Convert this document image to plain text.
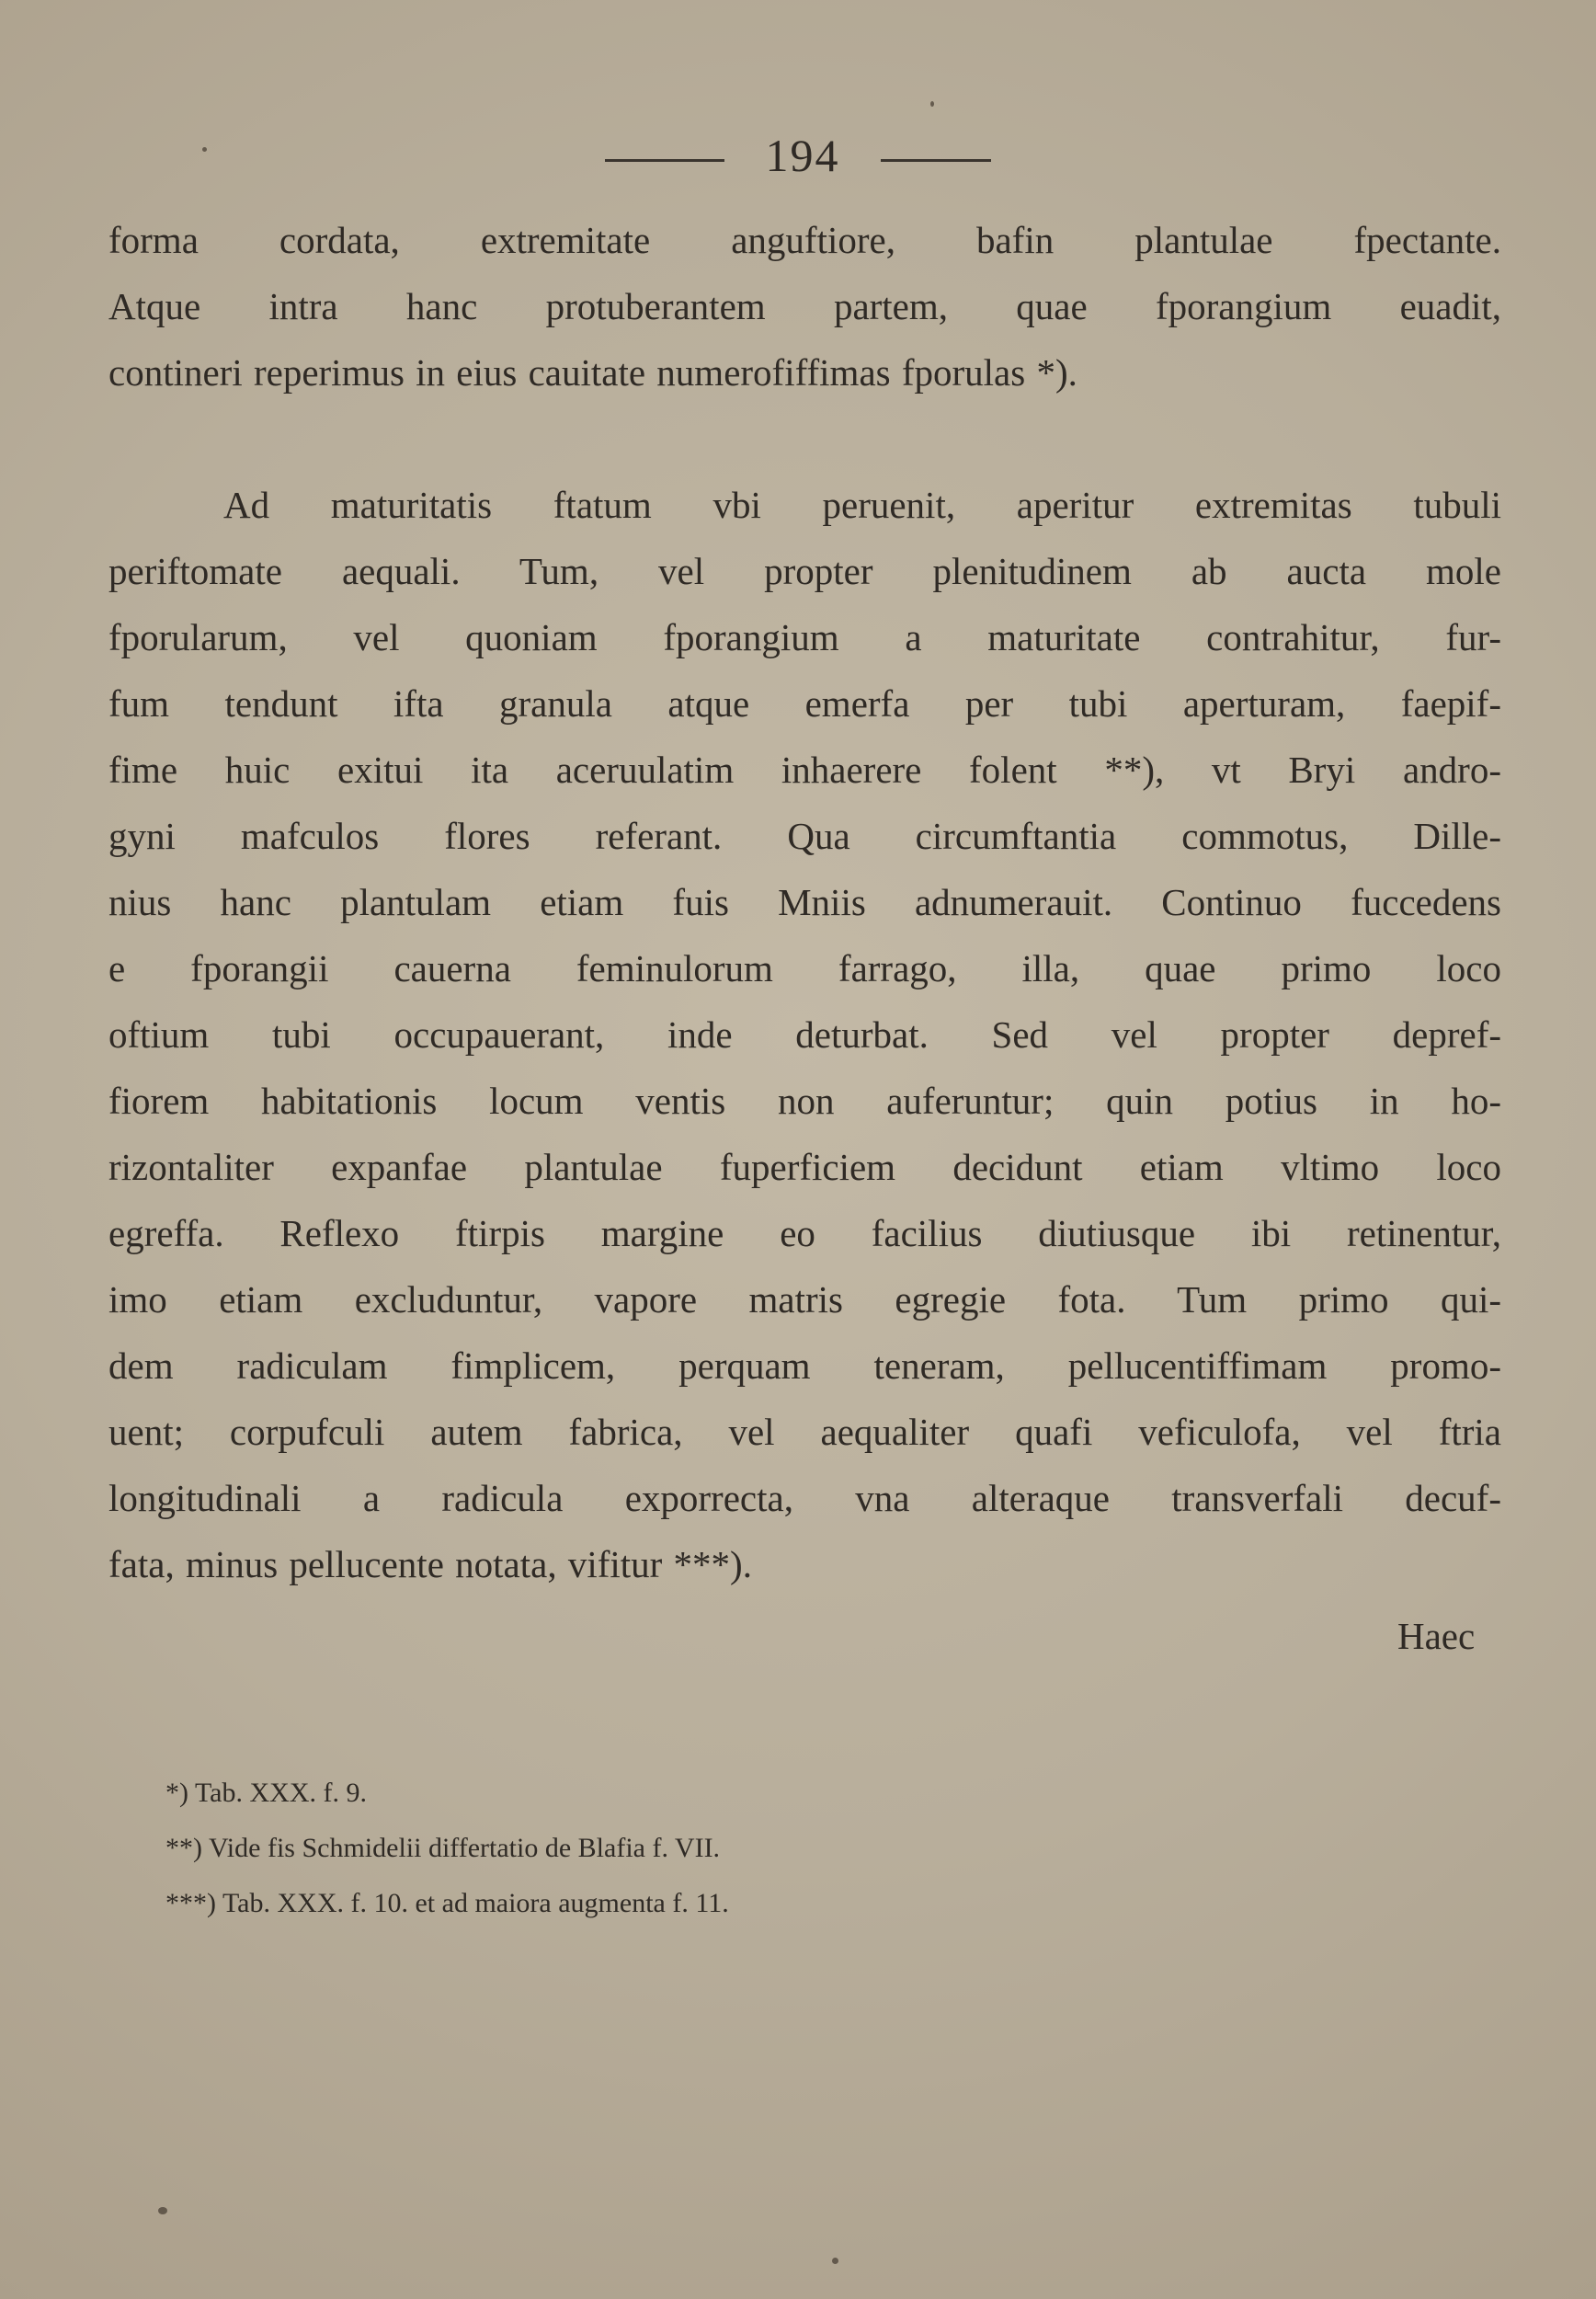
194
forma cordata, extremitate anguftiore, bafin plantulae fpectante.
Atque intra hanc protuberantem partem, quae fporangium euadit,
contineri reperimus in eius cauitate numerofiffimas fporulas *).
Ad maturitatis ftatum vbi peruenit, aperitur extremitas tubuli
periftomate aequali. Tum, vel propter plenitudinem ab aucta mole
fporularum, vel quoniam fporangium a maturitate contrahitur, fur-
fum tendunt ifta granula atque emerfa per tubi aperturam, faepif-
fime huic exitui ita aceruulatim inhaerere folent **), vt Bryi andro-
gyni mafculos flores referant. Qua circumftantia commotus, Dille-
nius hanc plantulam etiam fuis Mniis adnumerauit. Continuo fuccedens
e fporangii cauerna feminulorum farrago, illa, quae primo loco
oftium tubi occupauerant, inde deturbat. Sed vel propter depref-
fiorem habitationis locum ventis non auferuntur; quin potius in ho-
rizontaliter expanfae plantulae fuperficiem decidunt etiam vltimo loco
egreffa. Reflexo ftirpis margine eo facilius diutiusque ibi retinentur,
imo etiam excluduntur, vapore matris egregie fota. Tum primo qui-
dem radiculam fimplicem, perquam teneram, pellucentiffimam promo-
uent; corpufculi autem fabrica, vel aequaliter quafi veficulofa, vel ftria
longitudinali a radicula exporrecta, vna alteraque transverfali decuf-
fata, minus pellucente notata, vifitur ***).
Haec
*) Tab. XXX. f. 9.
**) Vide fis Schmidelii differtatio de Blafia f. VII.
***) Tab. XXX. f. 10. et ad maiora augmenta f. 11.
